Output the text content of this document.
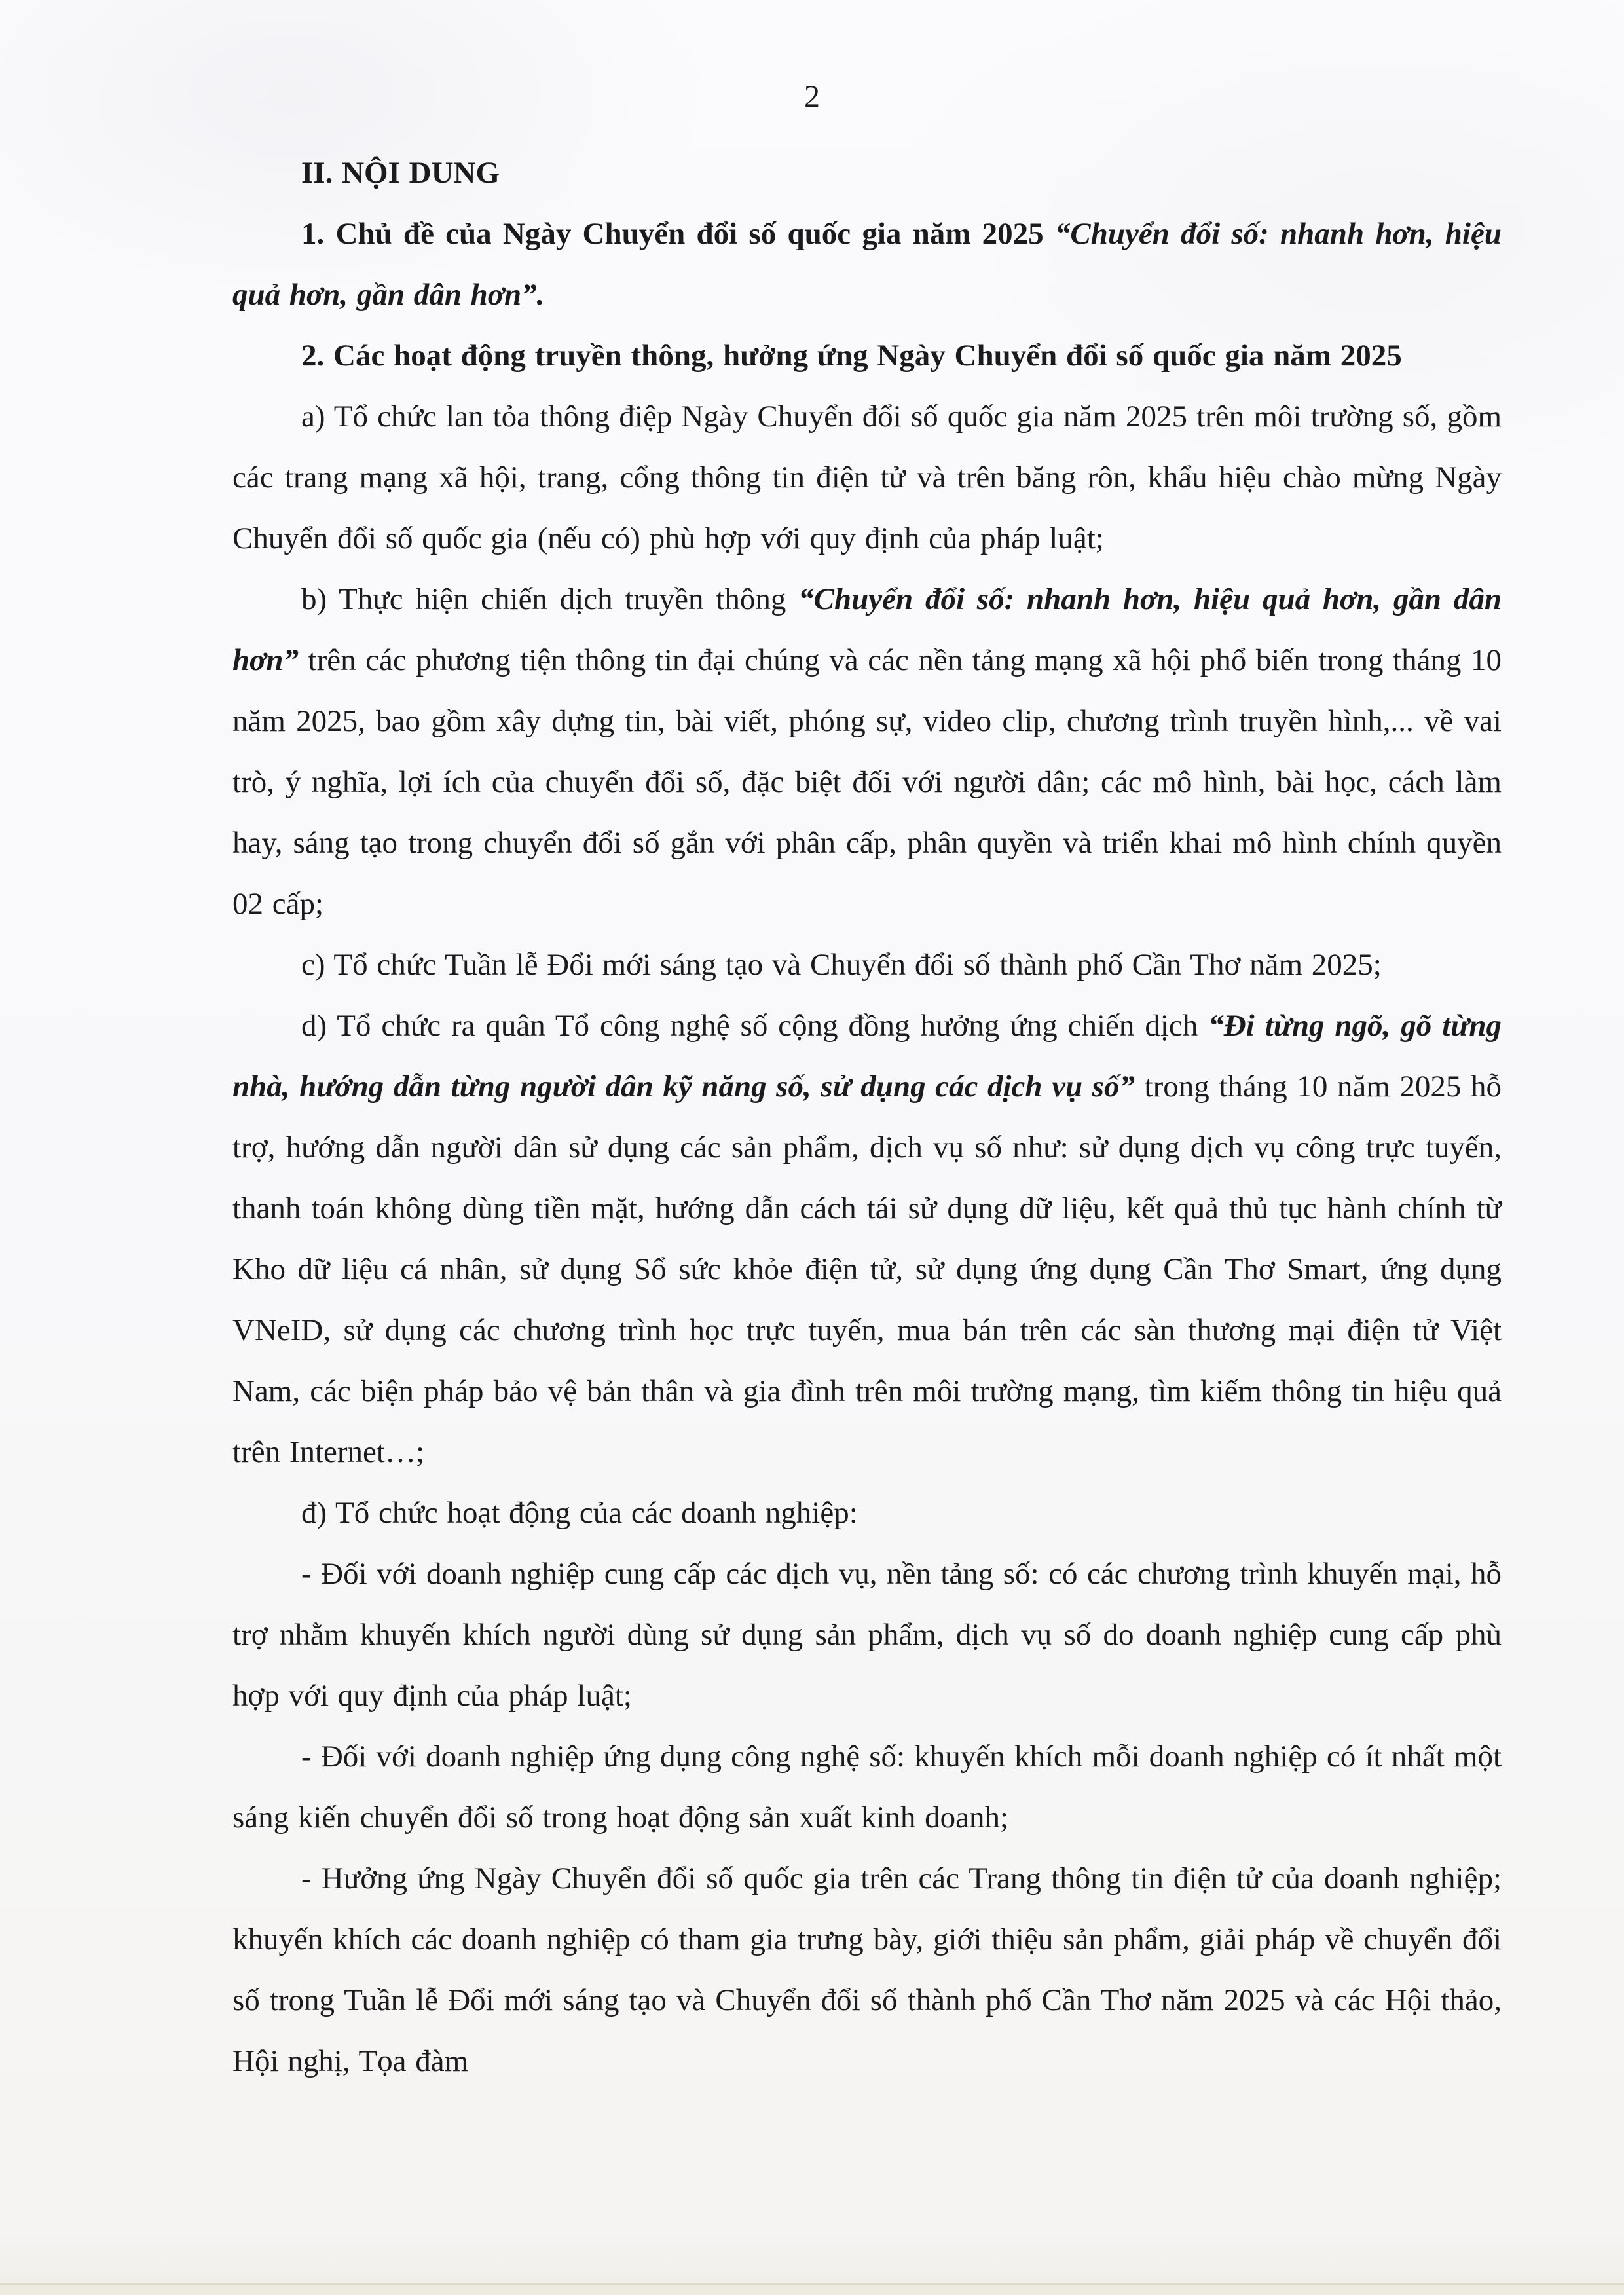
2

II. NỘI DUNG

1. Chủ đề của Ngày Chuyển đổi số quốc gia năm 2025 “Chuyển đổi số: nhanh hơn, hiệu quả hơn, gần dân hơn”.

2. Các hoạt động truyền thông, hưởng ứng Ngày Chuyển đổi số quốc gia năm 2025

a) Tổ chức lan tỏa thông điệp Ngày Chuyển đổi số quốc gia năm 2025 trên môi trường số, gồm các trang mạng xã hội, trang, cổng thông tin điện tử và trên băng rôn, khẩu hiệu chào mừng Ngày Chuyển đổi số quốc gia (nếu có) phù hợp với quy định của pháp luật;

b) Thực hiện chiến dịch truyền thông “Chuyển đổi số: nhanh hơn, hiệu quả hơn, gần dân hơn” trên các phương tiện thông tin đại chúng và các nền tảng mạng xã hội phổ biến trong tháng 10 năm 2025, bao gồm xây dựng tin, bài viết, phóng sự, video clip, chương trình truyền hình,... về vai trò, ý nghĩa, lợi ích của chuyển đổi số, đặc biệt đối với người dân; các mô hình, bài học, cách làm hay, sáng tạo trong chuyển đổi số gắn với phân cấp, phân quyền và triển khai mô hình chính quyền 02 cấp;

c) Tổ chức Tuần lễ Đổi mới sáng tạo và Chuyển đổi số thành phố Cần Thơ năm 2025;

d) Tổ chức ra quân Tổ công nghệ số cộng đồng hưởng ứng chiến dịch “Đi từng ngõ, gõ từng nhà, hướng dẫn từng người dân kỹ năng số, sử dụng các dịch vụ số” trong tháng 10 năm 2025 hỗ trợ, hướng dẫn người dân sử dụng các sản phẩm, dịch vụ số như: sử dụng dịch vụ công trực tuyến, thanh toán không dùng tiền mặt, hướng dẫn cách tái sử dụng dữ liệu, kết quả thủ tục hành chính từ Kho dữ liệu cá nhân, sử dụng Sổ sức khỏe điện tử, sử dụng ứng dụng Cần Thơ Smart, ứng dụng VNeID, sử dụng các chương trình học trực tuyến, mua bán trên các sàn thương mại điện tử Việt Nam, các biện pháp bảo vệ bản thân và gia đình trên môi trường mạng, tìm kiếm thông tin hiệu quả trên Internet…;

đ) Tổ chức hoạt động của các doanh nghiệp:

- Đối với doanh nghiệp cung cấp các dịch vụ, nền tảng số: có các chương trình khuyến mại, hỗ trợ nhằm khuyến khích người dùng sử dụng sản phẩm, dịch vụ số do doanh nghiệp cung cấp phù hợp với quy định của pháp luật;

- Đối với doanh nghiệp ứng dụng công nghệ số: khuyến khích mỗi doanh nghiệp có ít nhất một sáng kiến chuyển đổi số trong hoạt động sản xuất kinh doanh;

- Hưởng ứng Ngày Chuyển đổi số quốc gia trên các Trang thông tin điện tử của doanh nghiệp; khuyến khích các doanh nghiệp có tham gia trưng bày, giới thiệu sản phẩm, giải pháp về chuyển đổi số trong Tuần lễ Đổi mới sáng tạo và Chuyển đổi số thành phố Cần Thơ năm 2025 và các Hội thảo, Hội nghị, Tọa đàm
